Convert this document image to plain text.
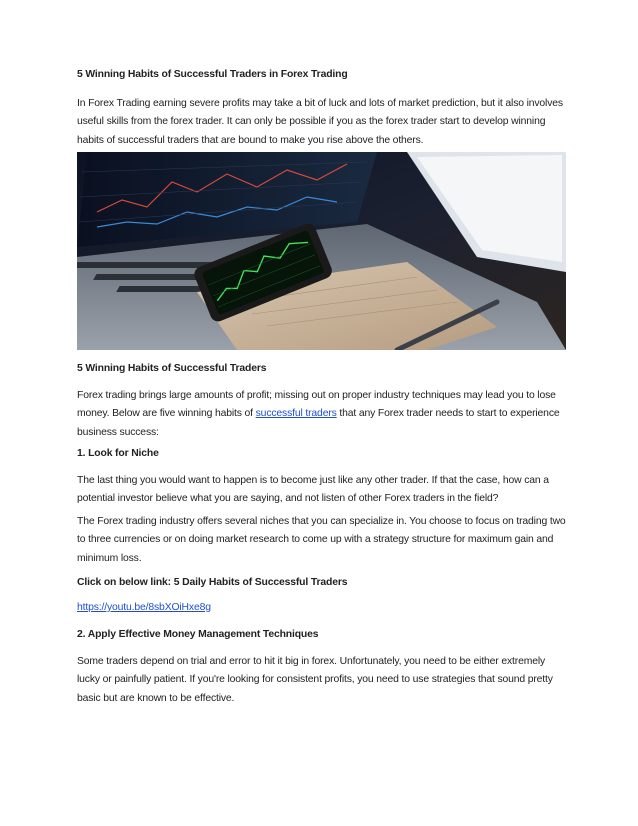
5 Winning Habits of Successful Traders in Forex Trading

In Forex Trading earning severe profits may take a bit of luck and lots of market prediction, but it also involves useful skills from the forex trader. It can only be possible if you as the forex trader start to develop winning habits of successful traders that are bound to make you rise above the others.

5 Winning Habits of Successful Traders

Forex trading brings large amounts of profit; missing out on proper industry techniques may lead you to lose money. Below are five winning habits of successful traders that any Forex trader needs to start to experience business success:

1. Look for Niche

The last thing you would want to happen is to become just like any other trader. If that the case, how can a potential investor believe what you are saying, and not listen of other Forex traders in the field?

The Forex trading industry offers several niches that you can specialize in. You choose to focus on trading two to three currencies or on doing market research to come up with a strategy structure for maximum gain and minimum loss.

Click on below link: 5 Daily Habits of Successful Traders

https://youtu.be/8sbXOiHxe8g

2. Apply Effective Money Management Techniques

Some traders depend on trial and error to hit it big in forex. Unfortunately, you need to be either extremely lucky or painfully patient. If you're looking for consistent profits, you need to use strategies that sound pretty basic but are known to be effective.
